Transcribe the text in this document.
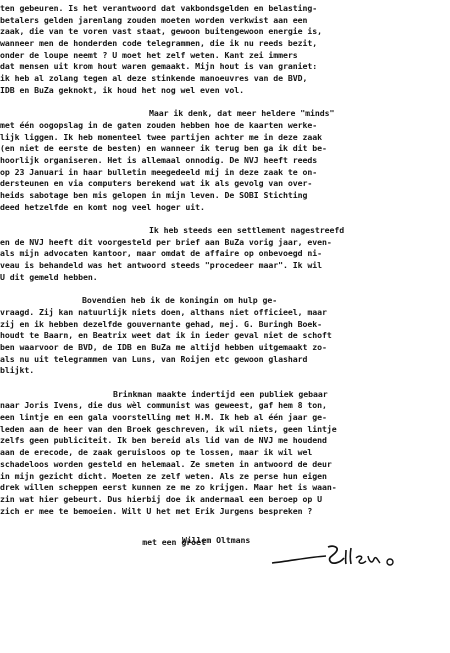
ten gebeuren. Is het verantwoord dat vakbondsgelden en belasting-
betalers gelden jarenlang zouden moeten worden verkwist aan een
zaak, die van te voren vast staat, gewoon buitengewoon energie is,
wanneer men de honderden code telegrammen, die ik nu reeds bezit,
onder de loupe neemt ? U moet het zelf weten. Kant zei immers
dat mensen uit krom hout waren gemaakt. Mijn hout is van graniet:
ik heb al zolang tegen al deze stinkende manoeuvres van de BVD,
IDB en BuZa geknokt, ik houd het nog wel even vol.
Maar ik denk, dat meer heldere "minds"
met één oogopslag in de gaten zouden hebben hoe de kaarten werke-
lijk liggen. Ik heb momenteel twee partijen achter me in deze zaak
(en niet de eerste de besten) en wanneer ik terug ben ga ik dit be-
hoorlijk organiseren. Het is allemaal onnodig. De NVJ heeft reeds
op 23 Januari in haar bulletin meegedeeld mij in deze zaak te on-
dersteunen en via computers berekend wat ik als gevolg van over-
heids sabotage ben mis gelopen in mijn leven. De SOBI Stichting
deed hetzelfde en komt nog veel hoger uit.
Ik heb steeds een settlement nagestreefd
en de NVJ heeft dit voorgesteld per brief aan BuZa vorig jaar, even-
als mijn advocaten kantoor, maar omdat de affaire op onbevoegd ni-
veau is behandeld was het antwoord steeds "procedeer maar". Ik wil
U dit gemeld hebben.
Bovendien heb ik de koningin om hulp ge-
vraagd. Zij kan natuurlijk niets doen, althans niet officieel, maar
zij en ik hebben dezelfde gouvernante gehad, mej. G. Buringh Boek-
houdt te Baarn, en Beatrix weet dat ik in ieder geval niet de schoft
ben waarvoor de BVD, de IDB en BuZa me altijd hebben uitgemaakt zo-
als nu uit telegrammen van Luns, van Roijen etc gewoon glashard
blijkt.
Brinkman maakte indertijd een publiek gebaar
naar Joris Ivens, die dus wèl communist was geweest, gaf hem 8 ton,
een lintje en een gala voorstelling met H.M. Ik heb al één jaar ge-
leden aan de heer van den Broek geschreven, ik wil niets, geen lintje
zelfs geen publiciteit. Ik ben bereid als lid van de NVJ me houdend
aan de erecode, de zaak geruisloos op te lossen, maar ik wil wel
schadeloos worden gesteld en helemaal. Ze smeten in antwoord de deur
in mijn gezicht dicht. Moeten ze zelf weten. Als ze perse hun eigen
drek willen scheppen eerst kunnen ze me zo krijgen. Maar het is waan-
zin wat hier gebeurt. Dus hierbij doe ik andermaal een beroep op U
zich er mee te bemoeien. Wilt U het met Erik Jurgens bespreken ?

met een groet

Willem Oltmans
